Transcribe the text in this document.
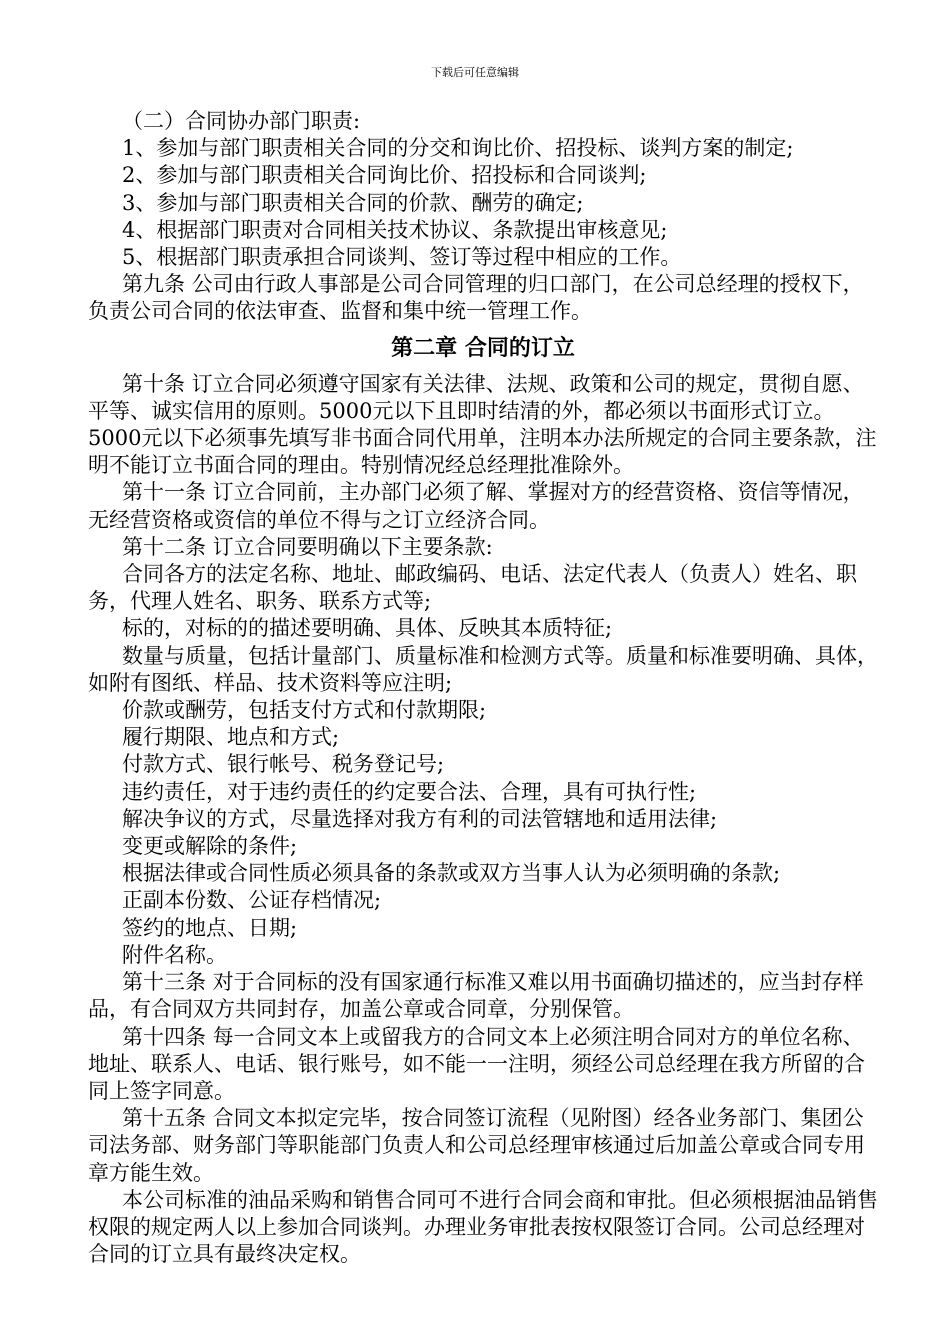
下载后可任意编辑

（二）合同协办部门职责:

1、参加与部门职责相关合同的分交和询比价、招投标、谈判方案的制定;

2、参加与部门职责相关合同询比价、招投标和合同谈判;

3、参加与部门职责相关合同的价款、酬劳的确定;

4、根据部门职责对合同相关技术协议、条款提出审核意见;

5、根据部门职责承担合同谈判、签订等过程中相应的工作。

第九条 公司由行政人事部是公司合同管理的归口部门，在公司总经理的授权下，负责公司合同的依法审查、监督和集中统一管理工作。

第二章 合同的订立

第十条 订立合同必须遵守国家有关法律、法规、政策和公司的规定，贯彻自愿、平等、诚实信用的原则。5000元以下且即时结清的外，都必须以书面形式订立。5000元以下必须事先填写非书面合同代用单，注明本办法所规定的合同主要条款，注明不能订立书面合同的理由。特别情况经总经理批准除外。

第十一条 订立合同前，主办部门必须了解、掌握对方的经营资格、资信等情况，无经营资格或资信的单位不得与之订立经济合同。

第十二条 订立合同要明确以下主要条款:

合同各方的法定名称、地址、邮政编码、电话、法定代表人（负责人）姓名、职务，代理人姓名、职务、联系方式等;

标的，对标的的描述要明确、具体、反映其本质特征;

数量与质量，包括计量部门、质量标准和检测方式等。质量和标准要明确、具体，如附有图纸、样品、技术资料等应注明;

价款或酬劳，包括支付方式和付款期限;

履行期限、地点和方式;

付款方式、银行帐号、税务登记号;

违约责任，对于违约责任的约定要合法、合理，具有可执行性;

解决争议的方式，尽量选择对我方有利的司法管辖地和适用法律;

变更或解除的条件;

根据法律或合同性质必须具备的条款或双方当事人认为必须明确的条款;

正副本份数、公证存档情况;

签约的地点、日期;

附件名称。

第十三条 对于合同标的没有国家通行标准又难以用书面确切描述的，应当封存样品，有合同双方共同封存，加盖公章或合同章，分别保管。

第十四条 每一合同文本上或留我方的合同文本上必须注明合同对方的单位名称、地址、联系人、电话、银行账号，如不能一一注明，须经公司总经理在我方所留的合同上签字同意。

第十五条 合同文本拟定完毕，按合同签订流程（见附图）经各业务部门、集团公司法务部、财务部门等职能部门负责人和公司总经理审核通过后加盖公章或合同专用章方能生效。

本公司标准的油品采购和销售合同可不进行合同会商和审批。但必须根据油品销售权限的规定两人以上参加合同谈判。办理业务审批表按权限签订合同。公司总经理对合同的订立具有最终决定权。
